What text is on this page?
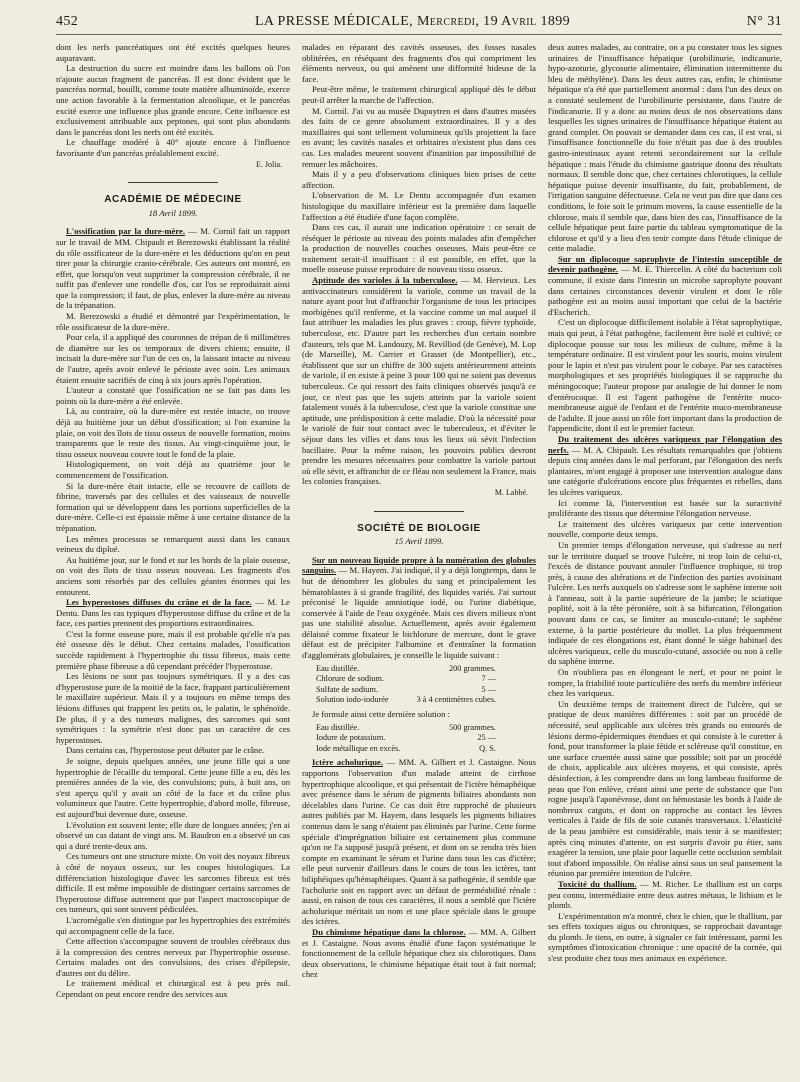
452	LA PRESSE MÉDICALE, Mercredi, 19 Avril 1899	N° 31

dont les nerfs pancréatiques ont été excités quelques heures auparavant.

La destruction du sucre est moindre dans les ballons où l'on n'ajoute aucun fragment de pancréas. Il est donc évident que le pancréas normal, bouilli, comme toute matière albuminoïde, exerce une action favorable à la fermentation alcoolique, et le pancréas excité exerce une influence plus grande encore. Cette influence est exclusivement attribuable aux peptones, qui sont plus abondants dans le pancréas dont les nerfs ont été excités.

Le chauffage modéré à 40° ajoute encore à l'influence favorisante d'un pancréas préalablement excité.

E. Jolia.
ACADÉMIE DE MÉDECINE
18 Avril 1899.

L'ossification par la dure-mère. — M. Cornil fait un rapport sur le travail de MM. Chipault et Berezowski établissant la réalité du rôle ossificateur de la dure-mère et les déductions qu'on en peut tirer pour la chirurgie cranio-cérébrale. Ces auteurs ont montré, en effet, que lorsqu'on veut supprimer la compression cérébrale, il ne suffit pas d'enlever une rondelle d'os, car l'os se reproduirait ainsi que la compression; il faut, de plus, enlever la dure-mère au niveau de la trépanation.

M. Berezowski a étudié et démontré par l'expérimentation, le rôle ossificateur de la dure-mère.

Pour cela, il a appliqué des couronnes de trépan de 6 millimètres de diamètre sur les os temporaux de divers chiens; ensuite, il incisait la dure-mère sur l'un de ces os, la laissant intacte au niveau de l'autre, après avoir enlevé le périoste avec soin. Les animaux étaient ensuite sacrifiés de cinq à six jours après l'opération.

L'auteur a constaté que l'ossification ne se fait pas dans les points où la dure-mère a été enlevée.

Là, au contraire, où la dure-mère est restée intacte, on trouve déjà au huitième jour un début d'ossification; si l'on examine la plaie, on voit des îlots de tissu osseux de nouvelle formation, moins transparents que le reste des tissus. Au vingt-cinquième jour, le tissu osseux nouveau couvre tout le fond de la plaie.

Histologiquement, on voit déjà au quatrième jour le commencement de l'ossification.

Si la dure-mère était intacte, elle se recouvre de caillots de fibrine, traversés par des cellules et des vaisseaux de nouvelle formation qui se développent dans les portions superficielles de la dure-mère. Celle-ci est épaissie même à une certaine distance de la trépanation.

Les mêmes processus se remarquent aussi dans les canaux veineux du diploé.

Au huitième jour, sur le fond et sur les bords de la plaie osseuse, on voit des îlots de tissu osseux nouveau. Les fragments d'os anciens sont résorbés par des cellules géantes énormes qui les entourent.

Les hyperostoses diffuses du crâne et de la face. — M. Le Dentu. Dans les cas typiques d'hyperostose diffuse du crâne et de la face, ces parties prennent des proportions extraordinaires.

C'est la forme osseuse pure, mais il est probable qu'elle n'a pas été osseuse dès le début. Chez certains malades, l'ossification succède rapidement à l'hypertrophie du tissu fibreux, mais cette première phase fibreuse a dû cependant précéder l'hyperostose.

Les lésions ne sont pas toujours symétriques. Il y a des cas d'hyperostose pure de la moitié de la face, frappant particulièrement le maxillaire supérieur. Mais il y a toujours en même temps des lésions diffuses qui frappent les petits os, le palatin, le sphénoïde. De plus, il y a des tumeurs malignes, des sarcomes qui sont symétriques : la symétrie n'est donc pas un caractère de ces hyperostoses.

Dans certains cas, l'hyperostose peut débuter par le crâne.

Je soigne, depuis quelques années, une jeune fille qui a une hypertrophie de l'écaille du temporal. Cette jeune fille a eu, dès les premières années de la vie, des convulsions; puis, à huit ans, on s'est aperçu qu'il y avait un côté de la face et du crâne plus volumineux que l'autre. Cette hypertrophie, d'abord molle, fibreuse, est aujourd'hui devenue dure, osseuse.

L'évolution est souvent lente; elle dure de longues années; j'en ai observé un cas datant de vingt ans. M. Baudron en a observé un cas qui a duré trente-deux ans.

Ces tumeurs ont une structure mixte. On voit des noyaux fibreux à côté de noyaux osseux, sur les coupes histologiques. La différenciation histologique d'avec les sarcomes fibreux est très difficile. Il est même impossible de distinguer certains sarcomes de l'hyperostose diffuse autrement que par l'aspect macroscopique de ces tumeurs, qui sont souvent pédiculées.

L'acromégalie s'en distingue par les hypertrophies des extrémités qui accompagnent celle de la face.

Cette affection s'accompagne souvent de troubles cérébraux dus à la compression des centres nerveux par l'hypertrophie osseuse. Certains malades ont des convulsions, des crises d'épilepsie, d'autres ont du délire.

Le traitement médical et chirurgical est à peu près nul. Cependant on peut encore rendre des services aux

malades en réparant des cavités osseuses, des fosses nasales oblitérées, en réséquant des fragments d'os qui compriment les éléments nerveux, ou qui amènent une difformité hideuse de la face.

Peut-être même, le traitement chirurgical appliqué dès le début peut-il arrêter la marche de l'affection.

M. Cornil. J'ai vu au musée Dupuytren et dans d'autres musées des faits de ce genre absolument extraordinaires. Il y a des maxillaires qui sont tellement volumineux qu'ils projettent la face en avant; les cavités nasales et orbitaires n'existent plus dans ces cas. Les malades meurent souvent d'inanition par impossibilité de remuer les mâchoires.

Mais il y a peu d'observations cliniques bien prises de cette affection.

L'observation de M. Le Dentu accompagnée d'un examen histologique du maxillaire inférieur est la première dans laquelle l'affection a été étudiée d'une façon complète.

Dans ces cas, il aurait une indication opératoire : ce serait de réséquer le périoste au niveau des points malades afin d'empêcher la production de nouvelles couches osseuses. Mais peut-être ce traitement serait-il insuffisant : il est possible, en effet, que la moelle osseuse puisse reproduire de nouveau tissu osseux.

Aptitude des varioles à la tuberculose. — M. Hervieux. Les antivaccinateurs considèrent la variole, comme un travail de la nature ayant pour but d'affranchir l'organisme de tous les principes morbigènes qu'il renferme, et la vaccine comme un mal auquel il faut attribuer les maladies les plus graves : croup, fièvre typhoïde, tuberculose, etc. D'autre part les recherches d'un certain nombre d'auteurs, tels que M. Landouzy, M. Revilliod (de Genève), M. Lop (de Marseille), M. Carrier et Grasset (de Montpellier), etc., établissent que sur un chiffre de 300 sujets antérieurement atteints de variole, il en existe à peine 3 pour 100 qui ne soient pas devenus tuberculeux. Ce qui ressort des faits cliniques observés jusqu'à ce jour, ce n'est pas que les sujets atteints par la variole soient fatalement voués à la tuberculose, c'est que la variole constitue une aptitude, une prédisposition à cette maladie. D'où la nécessité pour le variolé de fuir tout contact avec le tuberculeux, et d'éviter le séjour dans les villes et dans tous les lieux où sévit l'infection bacillaire. Pour la même raison, les pouvoirs publics devront prendre les mesures nécessaires pour combattre la variole partout où elle sévit, et affranchir de ce fléau non seulement la France, mais les colonies françaises.

M. Labbé.
SOCIÉTÉ DE BIOLOGIE
15 Avril 1899.

Sur un nouveau liquide propre à la numération des globules sanguins. — M. Hayem. J'ai indiqué, il y a déjà longtemps, dans le but de dénombrer les globules du sang et principalement les hématoblastes à si grande fragilité, des liquides variés. J'ai surtout préconisé le liquide amniotique iodé, ou l'urine diabétique, conservée à l'aide de l'eau oxygénée. Mais ces divers milieux n'ont pas une stabilité absolue. Actuellement, après avoir également délaissé comme fixateur le bichlorure de mercure, dont le grave défaut est de précipiter l'albumine et d'entraîner la formation d'agglomérats globulaires, je conseille le liquide suivant :

Eau distillée.	200 grammes.
Chlorure de sodium.	7 —
Sulfate de sodium.	5 —
Solution iodo-iodurée	3 à 4 centimètres cubes.

Je formule ainsi cette dernière solution :

Eau distillée.	500 grammes.
Iodure de potassium.	25 —
Iode métallique en excès.	Q. S.

Ictère acholurique. — MM. A. Gilbert et J. Castaigne. Nous rapportons l'observation d'un malade atteint de cirrhose hypertrophique alcoolique, et qui présentait de l'ictère hémaphéique avec présence dans le sérum de pigments biliaires abondants non décelables dans l'urine. Ce cas doit être rapproché de plusieurs autres publiés par M. Hayem, dans lesquels les pigments biliaires contenus dans le sang n'étaient pas éliminés par l'urine. Cette forme spéciale d'imprégnation biliaire est certainement plus commune qu'on ne l'a supposé jusqu'à présent, et dont on se rendra très bien compte en examinant le sérum et l'urine dans tous les cas d'ictère; elle peut survenir d'ailleurs dans le cours de tous les ictères, tant biliphéiques qu'hémaphéiques. Quant à sa pathogénie, il semble que l'acholurie soit en rapport avec un défaut de perméabilité rénale : aussi, en raison de tous ces caractères, il nous a semblé que l'ictère acholurique méritait un nom et une place spéciale dans le groupe des ictères.

Du chimisme hépatique dans la chlorose. — MM. A. Gilbert et J. Castaigne. Nous avons étudié d'une façon systématique le fonctionnement de la cellule hépatique chez six chlorotiques. Dans deux observations, le chimisme hépatique était tout à fait normal; chez

deux autres malades, au contraire, on a pu constater tous les signes urinaires de l'insuffisance hépatique (urobilinurie, indicanurie, hypo-azoturie, glycosurie alimentaire, élimination intermittente du bleu de méthylène). Dans les deux autres cas, enfin, le chimisme hépatique n'a été que partiellement anormal : dans l'un des deux on a constaté seulement de l'urobilinurie persistante, dans l'autre de l'indicanurie. Il y a donc au moins deux de nos observations dans lesquelles les signes urinaires de l'insuffisance hépatique étaient au grand complet. On pouvait se demander dans ces cas, il est vrai, si l'insuffisance fonctionnelle du foie n'était pas due à des troubles gastro-intestinaux ayant retenti secondairement sur la cellule hépatique : mais l'étude du chimisme gastrique donna des résultats normaux. Il semble donc que, chez certaines chlorotiques, la cellule hépatique puisse devenir insuffisante, du fait, probablement, de l'irrigation sanguine défectueuse. Cela ne veut pas dire que dans ces conditions, le foie soit le primum movens, la cause essentielle de la chlorose, mais il semble que, dans bien des cas, l'insuffisance de la cellule hépatique peut faire partie du tableau symptomatique de la chlorose et qu'il y a lieu d'en tenir compte dans l'étude clinique de cette maladie.

Sur un diplocoque saprophyte de l'intestin susceptible de devenir pathogène. — M. E. Thiercelin. A côté du bacterium coli commune, il existe dans l'intestin un microbe saprophyte pouvant dans certaines circonstances devenir virulent et dont le rôle pathogène est au moins aussi important que celui de la bactérie d'Escherich.

C'est un diplocoque difficilement isolable à l'état saprophytique, mais qui peut, à l'état pathogène, facilement être isolé et cultivé; ce diplocoque pousse sur tous les milieux de culture, même à la température ordinaire. Il est virulent pour les souris, moins virulent pour le lapin et n'est pas virulent pour le cobaye. Par ses caractères morphologiques et ses propriétés biologiques il se rapproche du méningocoque; l'auteur propose par analogie de lui donner le nom d'entérocoque. Il est l'agent pathogène de l'entérite muco-membraneuse aiguë de l'enfant et de l'entérite muco-membraneuse de l'adulte. Il joue aussi un rôle fort important dans la production de l'appendicite, dont il est le premier facteur.

Du traitement des ulcères variqueux par l'élongation des nerfs. — M. A. Chipault. Les résultats remarquables que j'obtiens depuis cinq années dans le mal perforant, par l'élongation des nerfs plantaires, m'ont engagé à proposer une intervention analogue dans une catégorie d'ulcérations encore plus fréquentes et rebelles, dans les ulcères variqueux.

Ici comme là, l'intervention est basée sur la suractivité proliférante des tissus que détermine l'élongation nerveuse.

Le traitement des ulcères variqueux par cette intervention nouvelle, comporte deux temps.

Un premier temps d'élongation nerveuse, qui s'adresse au nerf sur le territoire duquel se trouve l'ulcère, ni trop loin de celui-ci, l'excès de distance pouvant annuler l'influence trophique, ni trop près, à cause des altérations et de l'infection des parties avoisinant l'ulcère. Les nerfs auxquels on s'adresse sont le saphène interne soit à l'anneau, soit à la partie supérieure de la jambe; le sciatique poplité, soit à la tête péronière, soit à sa bifurcation, l'élongation pouvant dans ce cas, se limiter au musculo-cutané; le saphène externe, à la partie postérieure du mollet. La plus fréquemment indiquée de ces élongations est, étant donné le siège habituel des ulcères variqueux, celle du musculo-cutané, associée ou non à celle du saphène interne.

On n'oubliera pas en élongeant le nerf, et pour ne point le rompre, la friabilité toute particulière des nerfs du membre inférieur chez les variqueux.

Un deuxième temps de traitement direct de l'ulcère, qui se pratique de deux manières différentes : soit par un procédé de nécessité, seul applicable aux ulcères très grands ou entourés de lésions dermo-épidermiques étendues et qui consiste à le curetter à fond, pour transformer la plaie fétide et scléreuse qu'il constitue, en une surface cruentée aussi saine que possible; soit par un procédé de choix, applicable aux ulcères moyens, et qui consiste, après désinfection, à les comprendre dans un long lambeau fusiforme de peau que l'on enlève, créant ainsi une perte de substance que l'on rogne jusqu'à l'aponévrose, dont on hémostasie les bords à l'aide de nombreux catguts, et dont on rapproche au contact les lèvres verticales à l'aide de fils de soie cutanés transversaux. L'élasticité de la peau jambière est considérable, mais tenir à se manifester; après cinq minutes d'attente, on est surpris d'avoir pu étier, sans exagérer la tension, une plaie pour laquelle cette occlusion semblait tout d'abord impossible. On réalise ainsi sous un seul pansement la réunion par première intention de l'ulcère.

Toxicité du thallium. — M. Richer. Le thallium est un corps peu connu, intermédiaire entre deux autres métaux, le lithium et le plomb.

L'expérimentation m'a montré, chez le chien, que le thallium, par ses effets toxiques aigus ou chroniques, se rapprochait davantage du plomb. Je tiens, en outre, à signaler ce fait intéressant, parmi les symptômes d'intoxication chronique : une opacité de la cornée, qui s'est produite chez tous mes animaux en expérience.
